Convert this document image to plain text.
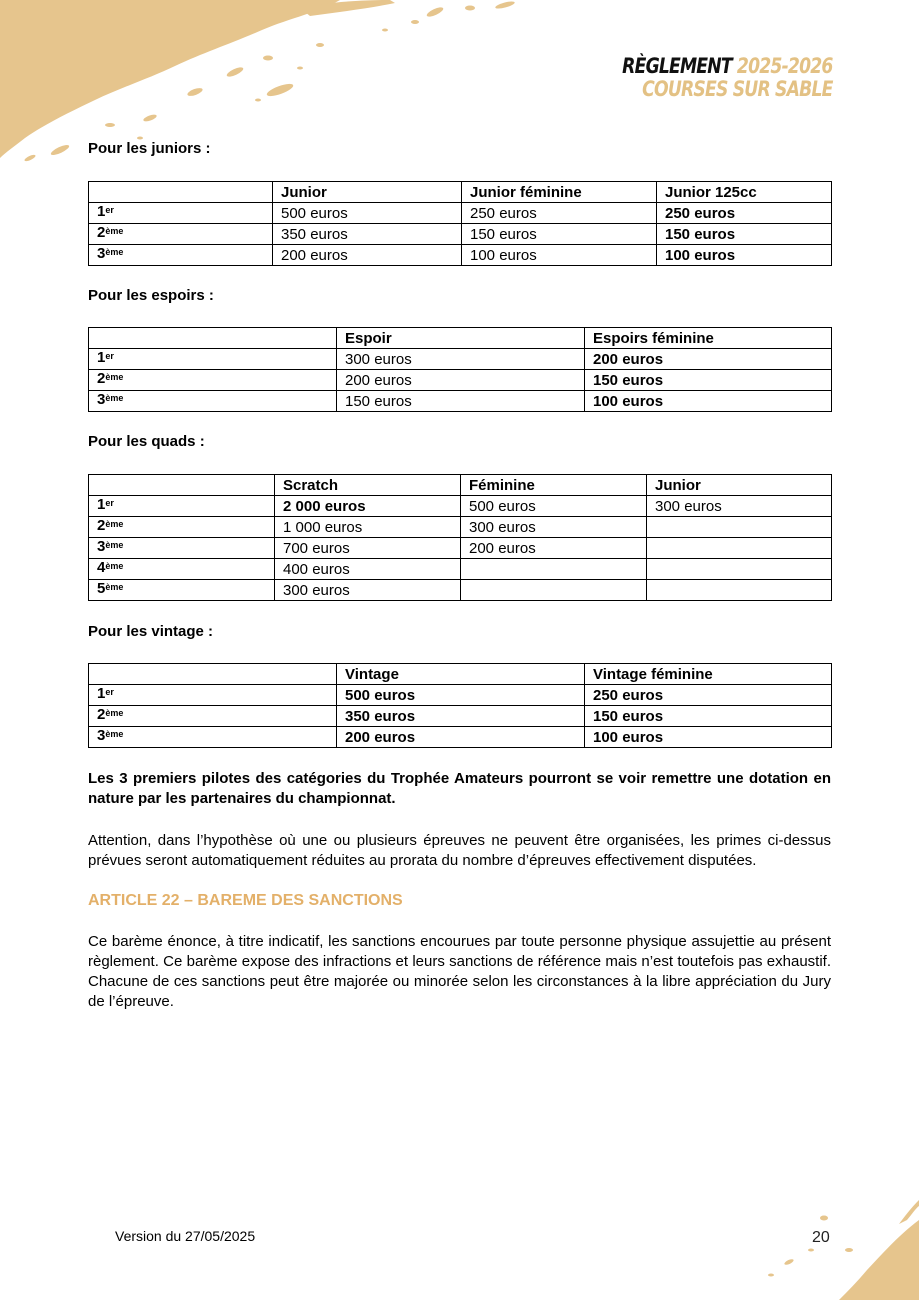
RÈGLEMENT 2025-2026
COURSES SUR SABLE
Pour les juniors :
	Junior	Junior féminine	Junior 125cc
1er	500 euros	250 euros	250 euros
2ème	350 euros	150 euros	150 euros
3ème	200 euros	100 euros	100 euros
Pour les espoirs :
	Espoir	Espoirs féminine
1er	300 euros	200 euros
2ème	200 euros	150 euros
3ème	150 euros	100 euros
Pour les quads :
	Scratch	Féminine	Junior
1er	2 000 euros	500 euros	300 euros
2ème	1 000 euros	300 euros	
3ème	700 euros	200 euros	
4ème	400 euros		
5ème	300 euros		
Pour les vintage :
	Vintage	Vintage féminine
1er	500 euros	250 euros
2ème	350 euros	150 euros
3ème	200 euros	100 euros

Les 3 premiers pilotes des catégories du Trophée Amateurs pourront se voir remettre une dotation en nature par les partenaires du championnat.

Attention, dans l’hypothèse où une ou plusieurs épreuves ne peuvent être organisées, les primes ci-dessus prévues seront automatiquement réduites au prorata du nombre d’épreuves effectivement disputées.

ARTICLE 22 – BAREME DES SANCTIONS

Ce barème énonce, à titre indicatif, les sanctions encourues par toute personne physique assujettie au présent règlement. Ce barème expose des infractions et leurs sanctions de référence mais n’est toutefois pas exhaustif. Chacune de ces sanctions peut être majorée ou minorée selon les circonstances à la libre appréciation du Jury de l’épreuve.

Version du 27/05/2025	20
